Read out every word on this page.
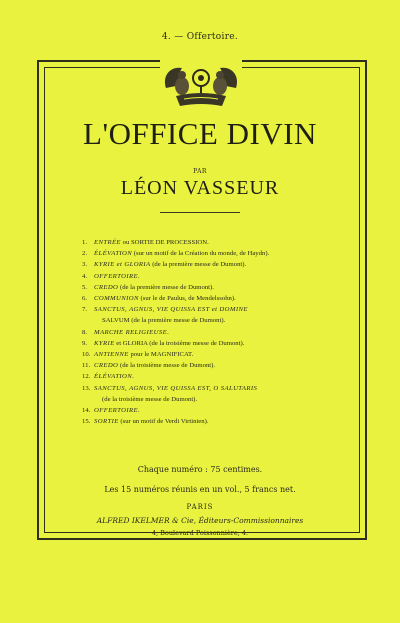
4. — Offertoire.
L'OFFICE DIVIN
PAR
LÉON VASSEUR
1. ENTRÉE ou SORTIE DE PROCESSION.
2. ÉLÉVATION (sur un motif de la Création du monde, de Haydn).
3. KYRIE et GLORIA (de la première messe de Dumont).
4. OFFERTOIRE.
5. CREDO (de la première messe de Dumont).
6. COMMUNION (sur le de Paulus, de Mendelssohn).
7. SANCTUS, AGNUS, VIE QUISSA EST et DOMINE
SALVUM (de la première messe de Dumont).
8. MARCHE RELIGIEUSE.
9. KYRIE et GLORIA (de la troisième messe de Dumont).
10. ANTIENNE pour le MAGNIFICAT.
11. CREDO (de la troisième messe de Dumont).
12. ÉLÉVATION.
13. SANCTUS, AGNUS, VIE QUISSA EST, O SALUTARIS
(de la troisième messe de Dumont).
14. OFFERTOIRE.
15. SORTIE (sur un motif de Verdi Virtinien).
Chaque numéro : 75 centimes.
Les 15 numéros réunis en un vol., 5 francs net.
PARIS
ALFRED IKELMER & Cie, Éditeurs-Commissionnaires
4, Boulevard Poissonnière, 4.
